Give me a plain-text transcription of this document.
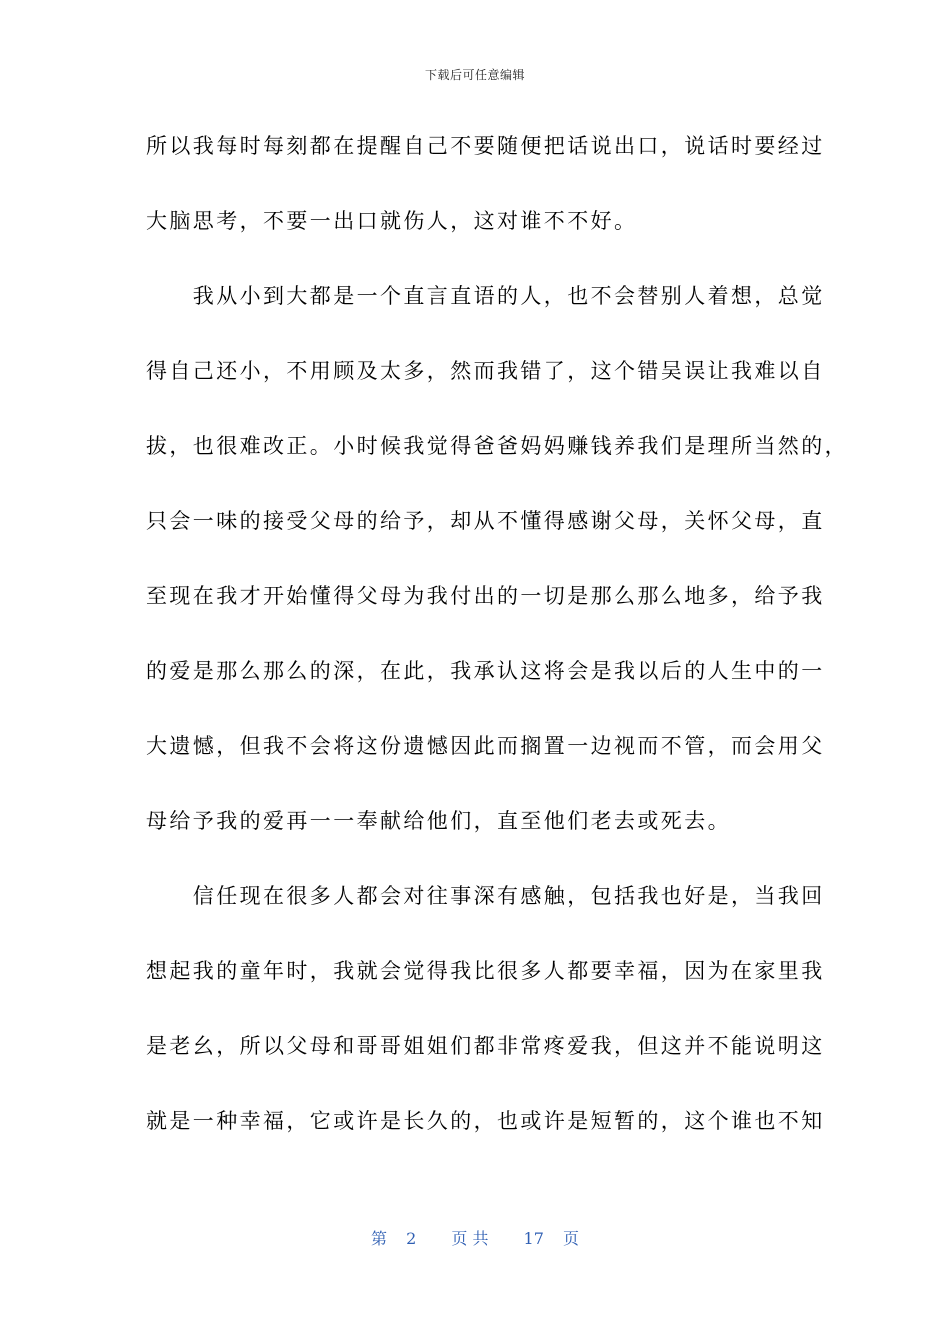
下载后可任意编辑
所以我每时每刻都在提醒自己不要随便把话说出口，说话时要经过
大脑思考，不要一出口就伤人，这对谁不不好。
　　我从小到大都是一个直言直语的人，也不会替别人着想，总觉
得自己还小，不用顾及太多，然而我错了，这个错吴误让我难以自
拔，也很难改正。小时候我觉得爸爸妈妈赚钱养我们是理所当然的，
只会一味的接受父母的给予，却从不懂得感谢父母，关怀父母，直
至现在我才开始懂得父母为我付出的一切是那么那么地多，给予我
的爱是那么那么的深，在此，我承认这将会是我以后的人生中的一
大遗憾，但我不会将这份遗憾因此而搁置一边视而不管，而会用父
母给予我的爱再一一奉献给他们，直至他们老去或死去。
　　信任现在很多人都会对往事深有感触，包括我也好是，当我回
想起我的童年时，我就会觉得我比很多人都要幸福，因为在家里我
是老幺，所以父母和哥哥姐姐们都非常疼爱我，但这并不能说明这
就是一种幸福，它或许是长久的，也或许是短暂的，这个谁也不知
第 2 页 共 17 页
